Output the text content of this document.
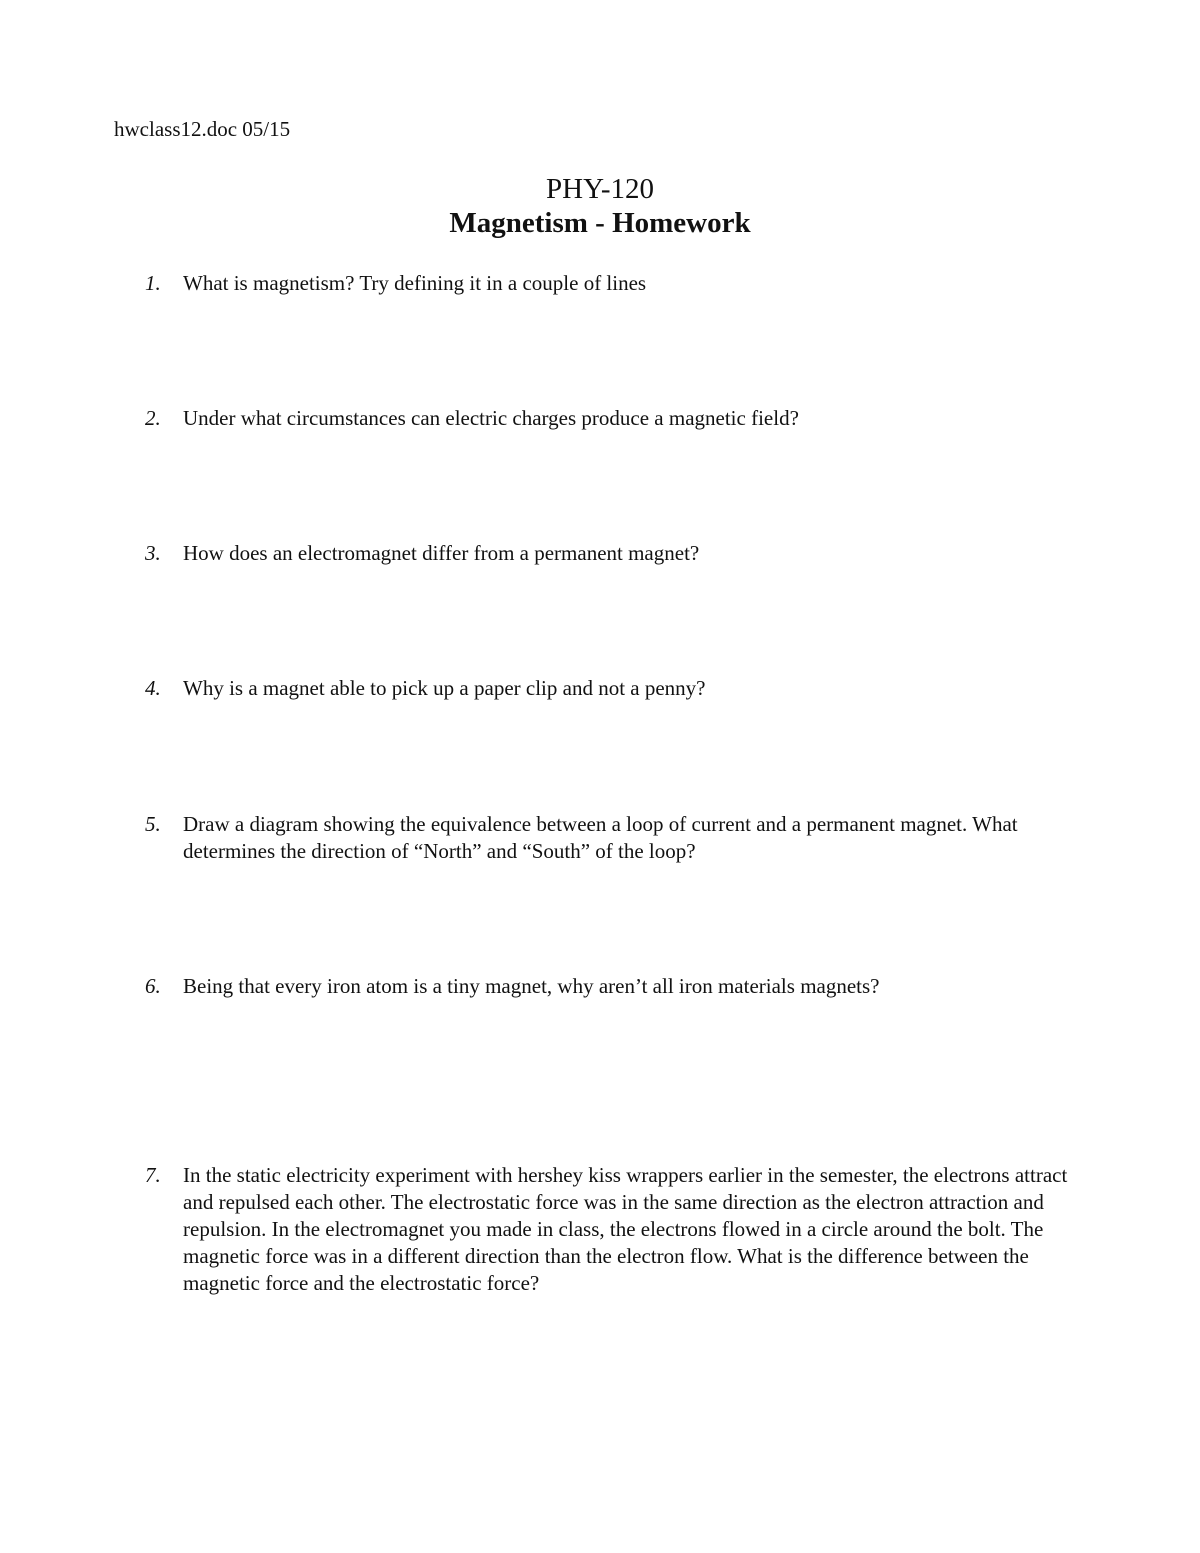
hwclass12.doc 05/15
PHY-120
Magnetism - Homework
1.	What is magnetism? Try defining it in a couple of lines
2.	Under what circumstances can electric charges produce a magnetic field?
3.	How does an electromagnet differ from a permanent magnet?
4.	Why is a magnet able to pick up a paper clip and not a penny?
5.	Draw a diagram showing the equivalence between a loop of current and a permanent magnet. What determines the direction of “North” and “South” of the loop?
6.	Being that every iron atom is a tiny magnet, why aren’t all iron materials magnets?
7.	In the static electricity experiment with hershey kiss wrappers earlier in the semester, the electrons attract and repulsed each other. The electrostatic force was in the same direction as the electron attraction and repulsion. In the electromagnet you made in class, the electrons flowed in a circle around the bolt. The magnetic force was in a different direction than the electron flow. What is the difference between the magnetic force and the electrostatic force?
